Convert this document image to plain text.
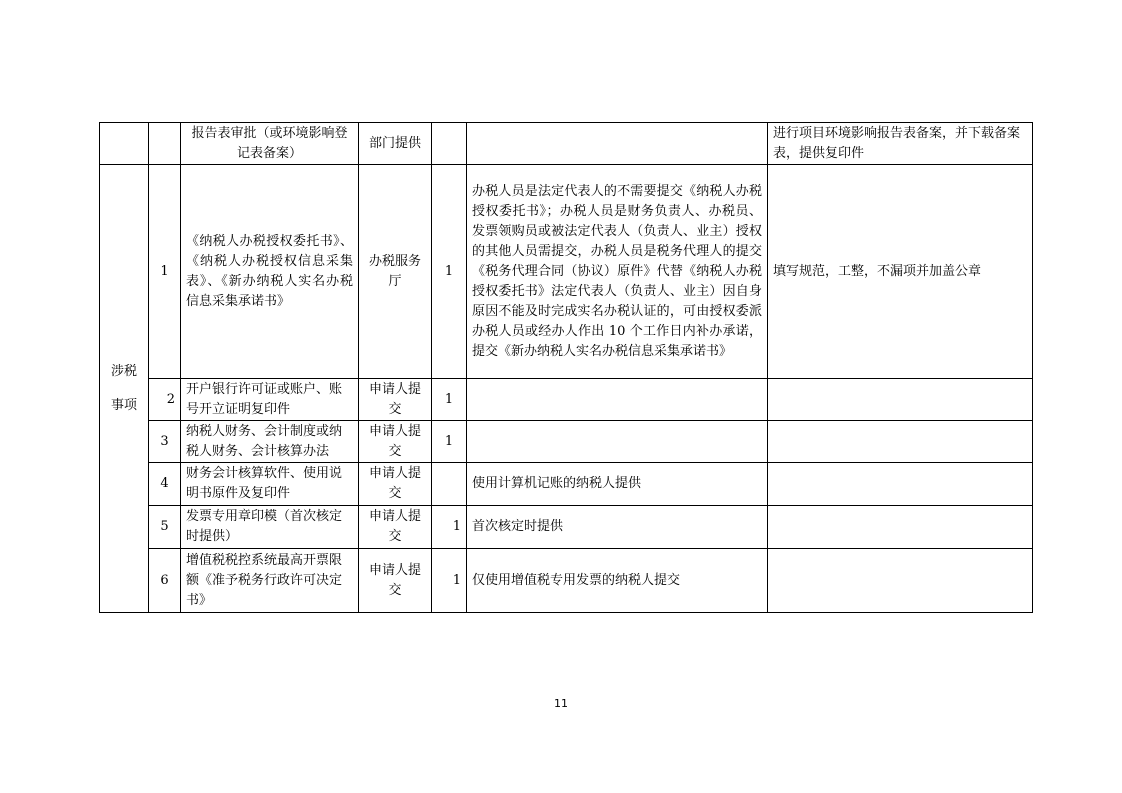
		报告表审批（或环境影响登记表备案）	部门提供			进行项目环境影响报告表备案，并下载备案表，提供复印件

涉税
事项	1	《纳税人办税授权委托书》、《纳税人办税授权信息采集表》、《新办纳税人实名办税信息采集承诺书》	办税服务厅	1	办税人员是法定代表人的不需要提交《纳税人办税授权委托书》；办税人员是财务负责人、办税员、发票领购员或被法定代表人（负责人、业主）授权的其他人员需提交，办税人员是税务代理人的提交《税务代理合同（协议）原件》代替《纳税人办税授权委托书》法定代表人（负责人、业主）因自身原因不能及时完成实名办税认证的，可由授权委派办税人员或经办人作出 10 个工作日内补办承诺，提交《新办纳税人实名办税信息采集承诺书》	填写规范，工整，不漏项并加盖公章
	2	开户银行许可证或账户、账号开立证明复印件	申请人提交	1		
	3	纳税人财务、会计制度或纳税人财务、会计核算办法	申请人提交	1		
	4	财务会计核算软件、使用说明书原件及复印件	申请人提交		使用计算机记账的纳税人提供	
	5	发票专用章印模（首次核定时提供）	申请人提交	1	首次核定时提供	
	6	增值税税控系统最高开票限额《准予税务行政许可决定书》	申请人提交	1	仅使用增值税专用发票的纳税人提交	
11
